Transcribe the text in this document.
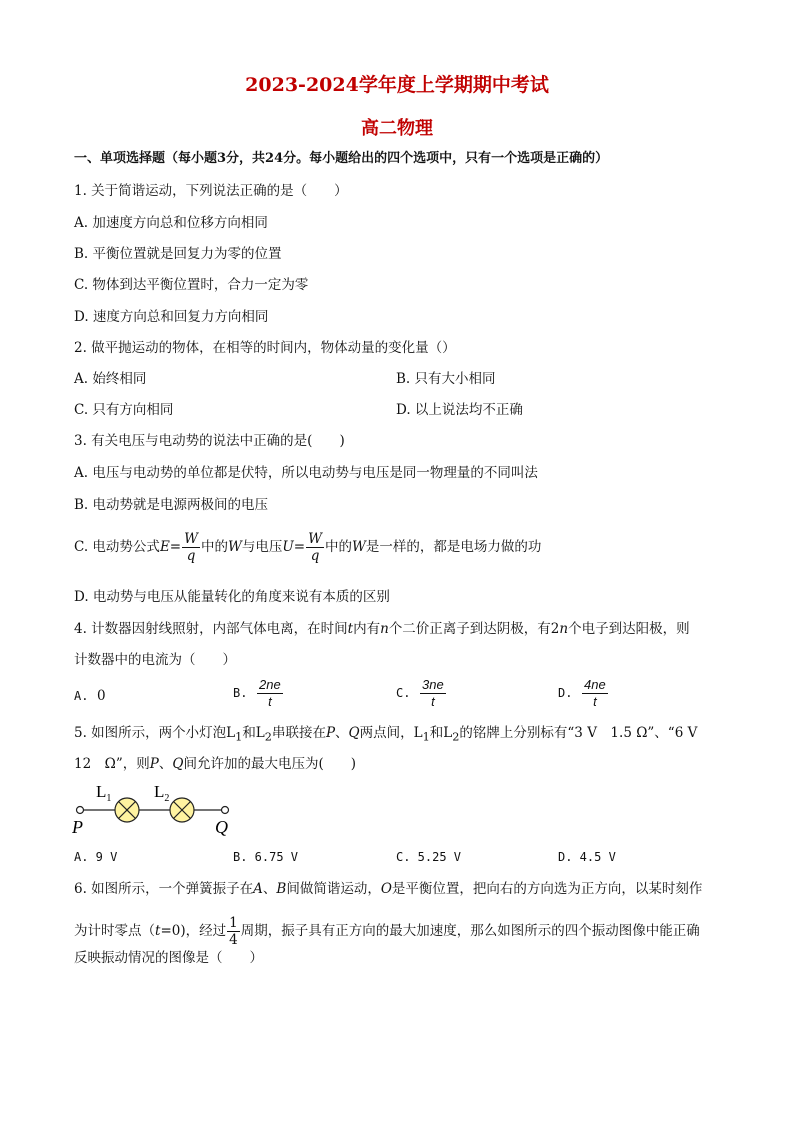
2023-2024学年度上学期期中考试
高二物理
一、单项选择题（每小题3分，共24分。每小题给出的四个选项中，只有一个选项是正确的）
1. 关于简谐运动，下列说法正确的是（　　）
A. 加速度方向总和位移方向相同
B. 平衡位置就是回复力为零的位置
C. 物体到达平衡位置时，合力一定为零
D. 速度方向总和回复力方向相同
2. 做平抛运动的物体，在相等的时间内，物体动量的变化量（）
A. 始终相同	B. 只有大小相同
C. 只有方向相同	D. 以上说法均不正确
3. 有关电压与电动势的说法中正确的是(　　)
A. 电压与电动势的单位都是伏特，所以电动势与电压是同一物理量的不同叫法
B. 电动势就是电源两极间的电压
C. 电动势公式$E= \frac{W}{q}$ 中的W与电压$U= \frac{W}{q}$ 中的W是一样的，都是电场力做的功
D. 电动势与电压从能量转化的角度来说有本质的区别
4. 计数器因射线照射，内部气体电离，在时间t内有n个二价正离子到达阴极，有2n个电子到达阳极，则
计数器中的电流为（　　）
A. 0	B. $\frac{2ne}{t}$	C. $\frac{3ne}{t}$	D. $\frac{4ne}{t}$
5. 如图所示，两个小灯泡$L_1$和$L_2$串联接在P、Q两点间，$L_1$和$L_2$的铭牌上分别标有“3 V　1.5 Ω”、“6 V
12　Ω”，则P、Q间允许加的最大电压为(　　)
$L_1$	$L_2$
P	Q
A. 9 V	B. 6.75 V	C. 5.25 V	D. 4.5 V
6. 如图所示，一个弹簧振子在A、B间做简谐运动，O是平衡位置，把向右的方向选为正方向，以某时刻作
为计时零点（t=0)，经过 $\frac{1}{4}$ 周期，振子具有正方向的最大加速度，那么如图所示的四个振动图像中能正确
反映振动情况的图像是（　　）
